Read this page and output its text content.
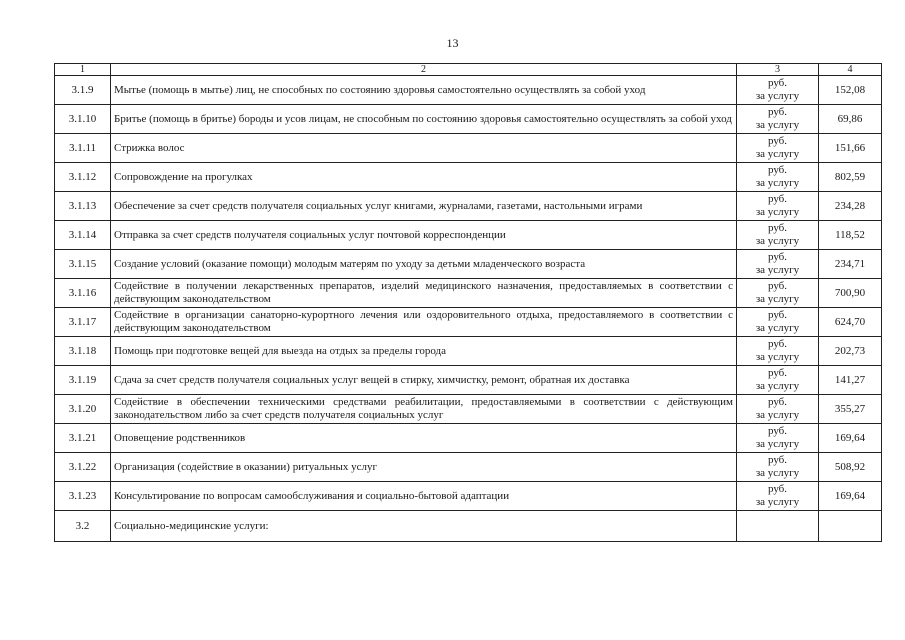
13
1	2	3	4
3.1.9	Мытье (помощь в мытье) лиц, не способных по состоянию здоровья самостоятельно осуществлять за собой уход	руб.
за услугу	152,08
3.1.10	Бритье (помощь в бритье) бороды и усов лицам, не способным по состоянию здоровья самостоятельно осуществлять за собой уход	руб.
за услугу	69,86
3.1.11	Стрижка волос	руб.
за услугу	151,66
3.1.12	Сопровождение на прогулках	руб.
за услугу	802,59
3.1.13	Обеспечение за счет средств получателя социальных услуг книгами, журналами, газетами, настольными играми	руб.
за услугу	234,28
3.1.14	Отправка за счет средств получателя социальных услуг почтовой корреспонденции	руб.
за услугу	118,52
3.1.15	Создание условий (оказание помощи) молодым матерям по уходу за детьми младенческого возраста	руб.
за услугу	234,71
3.1.16	Содействие в получении лекарственных препаратов, изделий медицинского назначения, предоставляемых в соответствии с действующим законодательством	руб.
за услугу	700,90
3.1.17	Содействие в организации санаторно-курортного лечения или оздоровительного отдыха, предоставляемого в соответствии с действующим законодательством	руб.
за услугу	624,70
3.1.18	Помощь при подготовке вещей для выезда на отдых за пределы города	руб.
за услугу	202,73
3.1.19	Сдача за счет средств получателя социальных услуг вещей в стирку, химчистку, ремонт, обратная их доставка	руб.
за услугу	141,27
3.1.20	Содействие в обеспечении техническими средствами реабилитации, предоставляемыми в соответствии с действующим законодательством либо за счет средств получателя социальных услуг	руб.
за услугу	355,27
3.1.21	Оповещение родственников	руб.
за услугу	169,64
3.1.22	Организация (содействие в оказании) ритуальных услуг	руб.
за услугу	508,92
3.1.23	Консультирование по вопросам самообслуживания и социально-бытовой адаптации	руб.
за услугу	169,64
3.2	Социально-медицинские услуги:		
